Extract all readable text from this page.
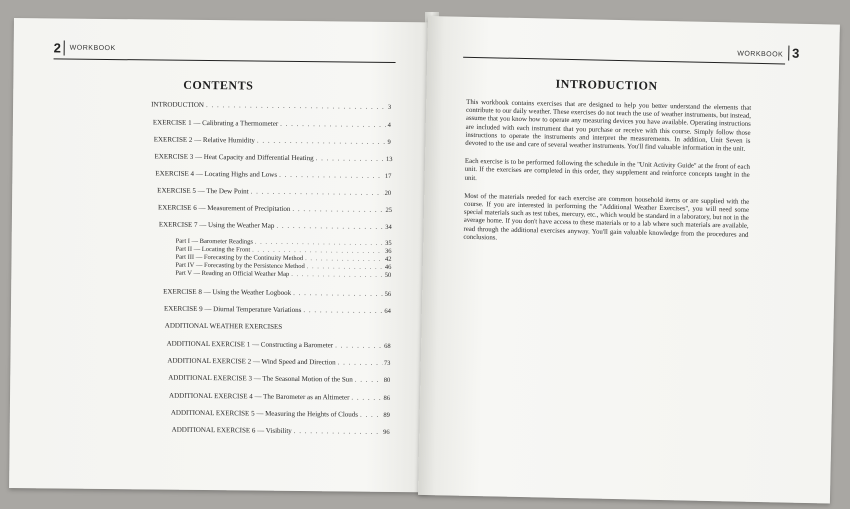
2	WORKBOOK
CONTENTS
INTRODUCTION . . .	3
EXERCISE 1 — Calibrating a Thermometer . . .	4
EXERCISE 2 — Relative Humidity . . .	9
EXERCISE 3 — Heat Capacity and Differential Heating . . .	13
EXERCISE 4 — Locating Highs and Lows . . .	17
EXERCISE 5 — The Dew Point . . .	20
EXERCISE 6 — Measurement of Precipitation . . .	25
EXERCISE 7 — Using the Weather Map . . .	34
Part I — Barometer Readings . . .	35
Part II — Locating the Front . . .	36
Part III — Forecasting by the Continuity Method . . .	42
Part IV — Forecasting by the Persistence Method . . .	46
Part V — Reading an Official Weather Map . . .	50
EXERCISE 8 — Using the Weather Logbook . . .	56
EXERCISE 9 — Diurnal Temperature Variations . . .	64
ADDITIONAL WEATHER EXERCISES
ADDITIONAL EXERCISE 1 — Constructing a Barometer . . .	68
ADDITIONAL EXERCISE 2 — Wind Speed and Direction . . .	73
ADDITIONAL EXERCISE 3 — The Seasonal Motion of the Sun . . .	80
ADDITIONAL EXERCISE 4 — The Barometer as an Altimeter . . .	86
ADDITIONAL EXERCISE 5 — Measuring the Heights of Clouds . . .	89
ADDITIONAL EXERCISE 6 — Visibility . . .	96
WORKBOOK 3
INTRODUCTION

This workbook contains exercises that are designed to help you better understand the elements that contribute to our daily weather. These exercises do not teach the use of weather instruments, but instead, assume that you know how to operate any measuring devices you have available. Operating instructions are included with each instrument that you purchase or receive with this course. Simply follow those instructions to operate the instruments and interpret the measurements. In addition, Unit Seven is devoted to the use and care of several weather instruments. You'll find valuable information in the unit.

Each exercise is to be performed following the schedule in the ''Unit Activity Guide'' at the front of each unit. If the exercises are completed in this order, they supplement and reinforce concepts taught in the unit.

Most of the materials needed for each exercise are common household items or are supplied with the course. If you are interested in performing the ''Additional Weather Exercises'', you will need some special materials such as test tubes, mercury, etc., which would be standard in a laboratory, but not in the average home. If you don't have access to these materials or to a lab where such materials are available, read through the additional exercises anyway. You'll gain valuable knowledge from the procedures and conclusions.
